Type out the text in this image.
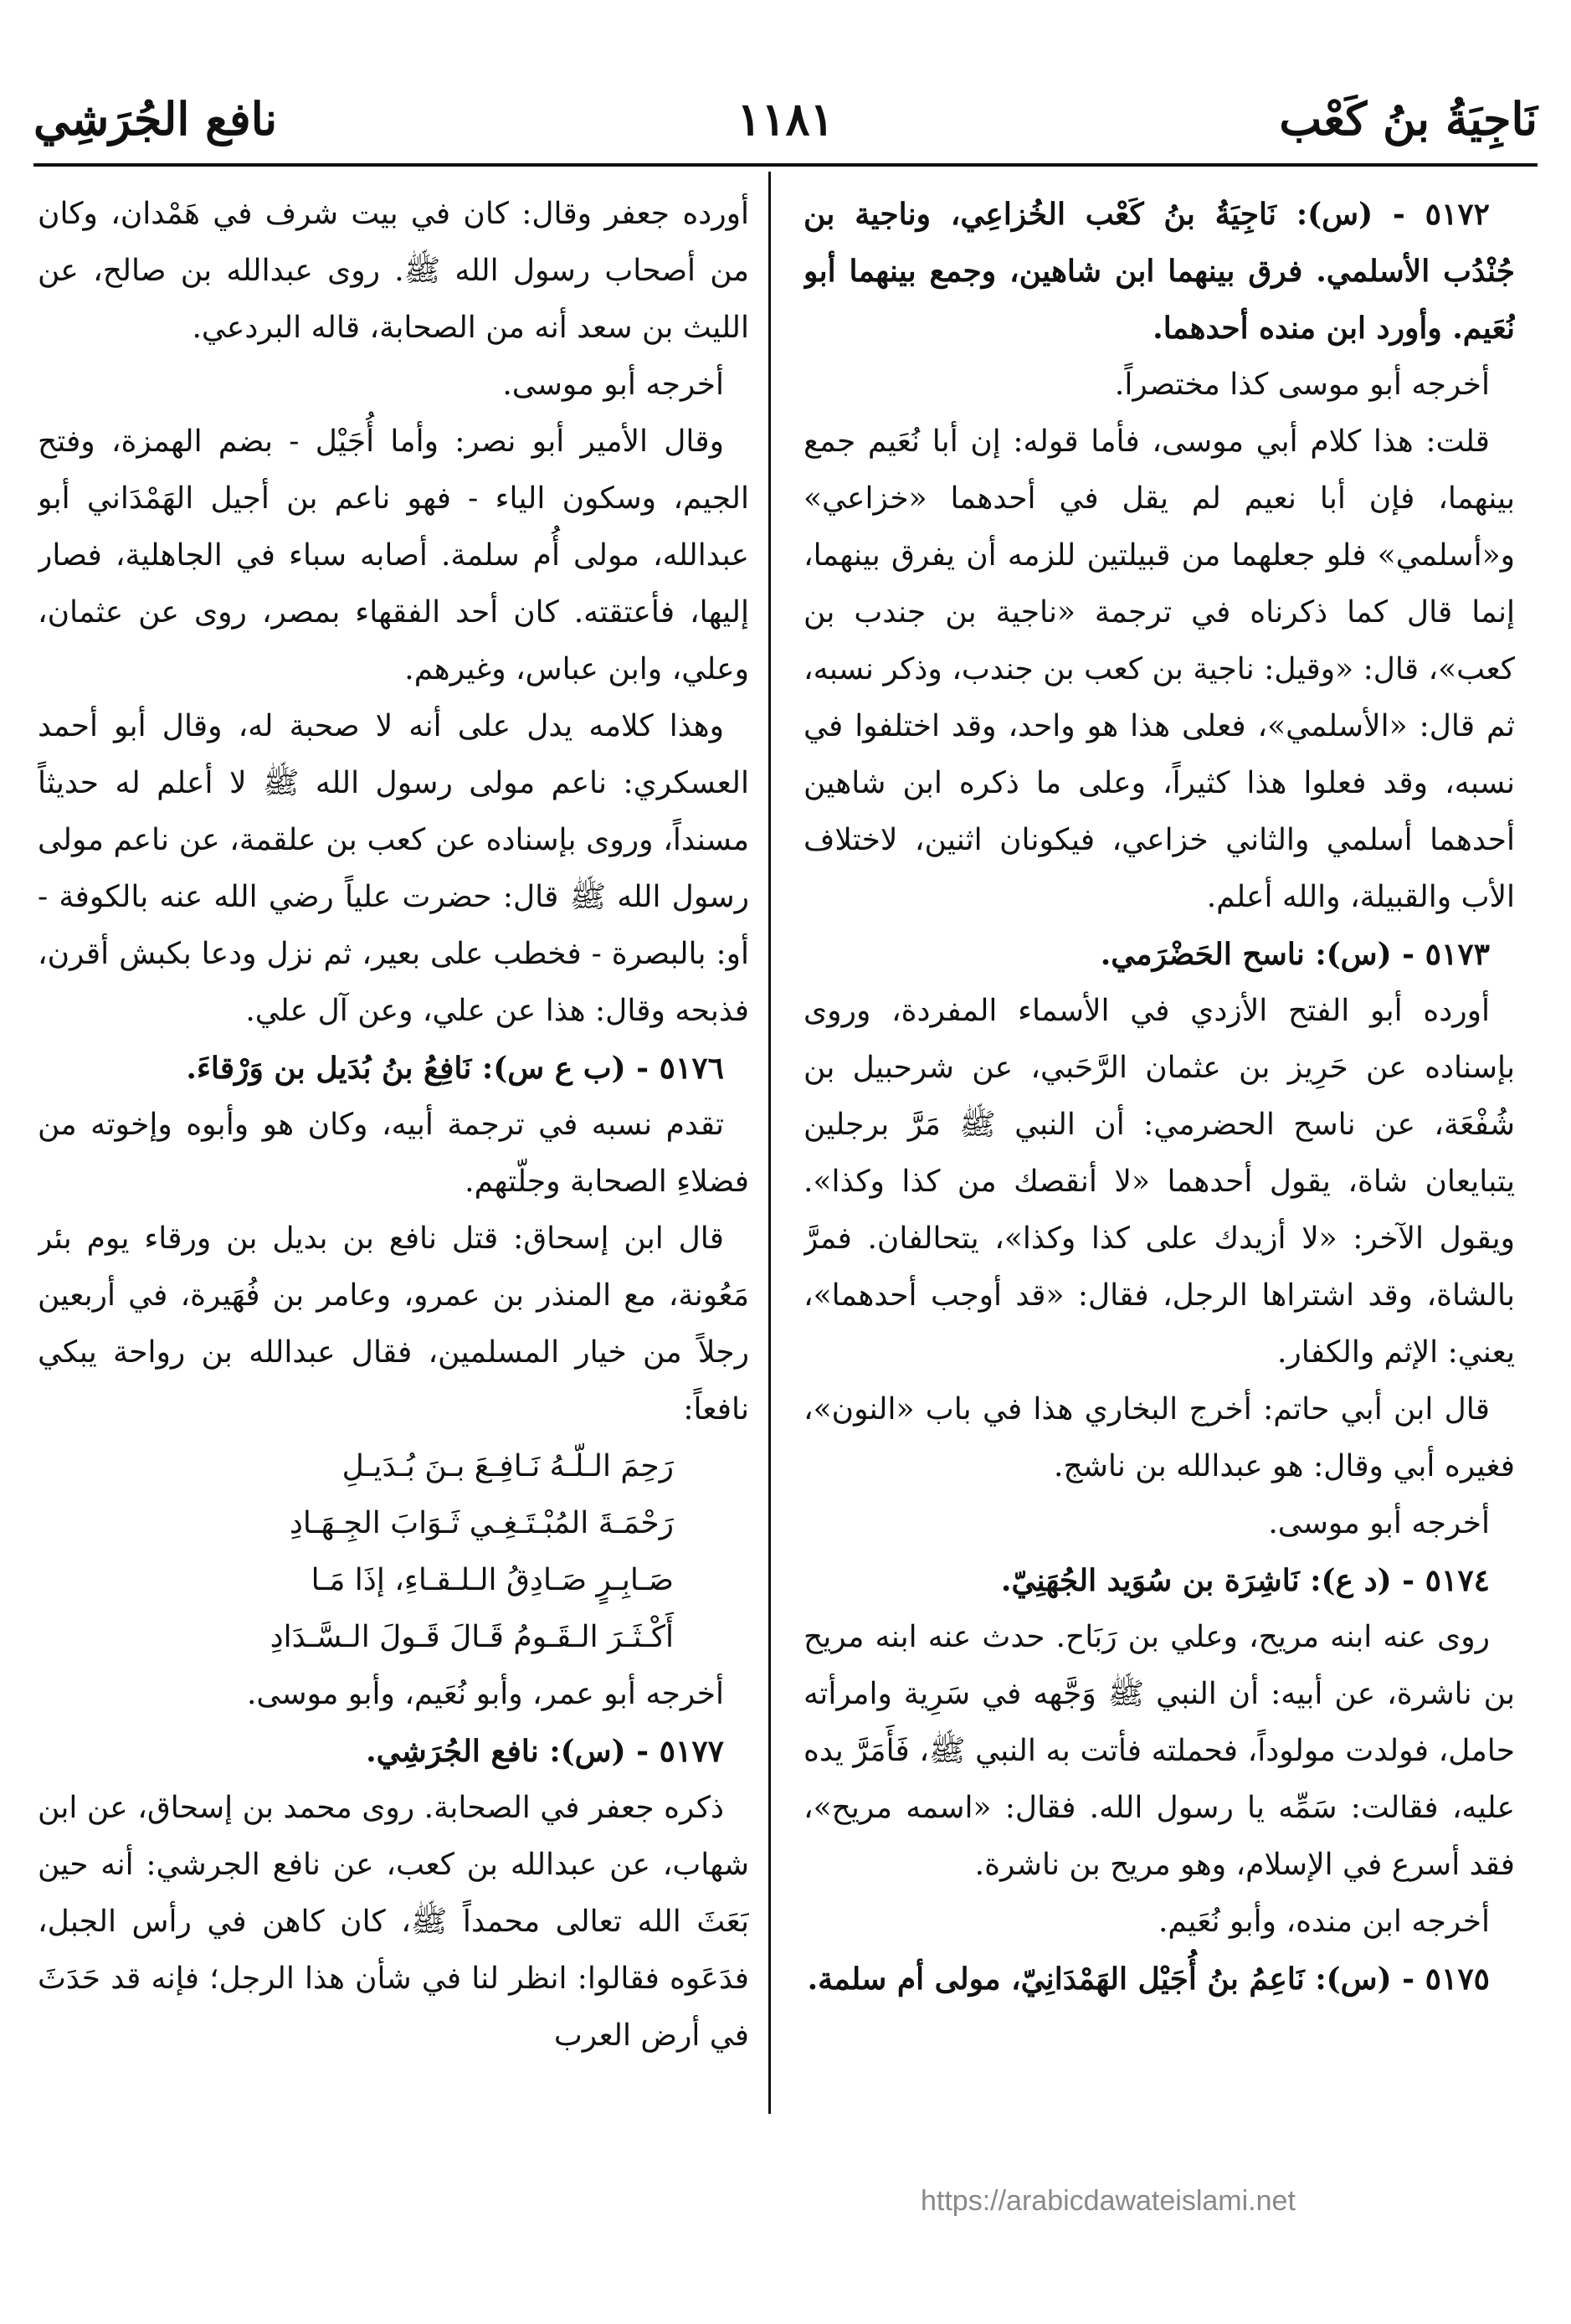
نَاجِيَةُ بنُ كَعْب
١١٨١
نافع الجُرَشِي

٥١٧٢ - (س): نَاجِيَةُ بنُ كَعْب الخُزاعِي، وناجية بن جُنْدُب الأسلمي. فرق بينهما ابن شاهين، وجمع بينهما أبو نُعَيم. وأورد ابن منده أحدهما.

أخرجه أبو موسى كذا مختصراً.

قلت: هذا كلام أبي موسى، فأما قوله: إن أبا نُعَيم جمع بينهما، فإن أبا نعيم لم يقل في أحدهما «خزاعي» و«أسلمي» فلو جعلهما من قبيلتين للزمه أن يفرق بينهما، إنما قال كما ذكرناه في ترجمة «ناجية بن جندب بن كعب»، قال: «وقيل: ناجية بن كعب بن جندب، وذكر نسبه، ثم قال: «الأسلمي»، فعلى هذا هو واحد، وقد اختلفوا في نسبه، وقد فعلوا هذا كثيراً، وعلى ما ذكره ابن شاهين أحدهما أسلمي والثاني خزاعي، فيكونان اثنين، لاختلاف الأب والقبيلة، والله أعلم.

٥١٧٣ - (س): ناسح الحَضْرَمي.

أورده أبو الفتح الأزدي في الأسماء المفردة، وروى بإسناده عن حَرِيز بن عثمان الرَّحَبي، عن شرحبيل بن شُفْعَة، عن ناسح الحضرمي: أن النبي ﷺ مَرَّ برجلين يتبايعان شاة، يقول أحدهما «لا أنقصك من كذا وكذا». ويقول الآخر: «لا أزيدك على كذا وكذا»، يتحالفان. فمرَّ بالشاة، وقد اشتراها الرجل، فقال: «قد أوجب أحدهما»، يعني: الإثم والكفار.

قال ابن أبي حاتم: أخرج البخاري هذا في باب «النون»، فغيره أبي وقال: هو عبدالله بن ناشج.

أخرجه أبو موسى.

٥١٧٤ - (د ع): نَاشِرَة بن سُوَيد الجُهَنِيّ.

روى عنه ابنه مريح، وعلي بن رَبَاح. حدث عنه ابنه مريح بن ناشرة، عن أبيه: أن النبي ﷺ وَجَّهه في سَرِية وامرأته حامل، فولدت مولوداً، فحملته فأتت به النبي ﷺ، فَأَمَرَّ يده عليه، فقالت: سَمِّه يا رسول الله. فقال: «اسمه مريح»، فقد أسرع في الإسلام، وهو مريح بن ناشرة.

أخرجه ابن منده، وأبو نُعَيم.

٥١٧٥ - (س): نَاعِمُ بنُ أُجَيْل الهَمْدَانِيّ، مولى أم سلمة.

أورده جعفر وقال: كان في بيت شرف في هَمْدان، وكان من أصحاب رسول الله ﷺ. روى عبدالله بن صالح، عن الليث بن سعد أنه من الصحابة، قاله البردعي.

أخرجه أبو موسى.

وقال الأمير أبو نصر: وأما أُجَيْل - بضم الهمزة، وفتح الجيم، وسكون الياء - فهو ناعم بن أجيل الهَمْدَاني أبو عبدالله، مولى أُم سلمة. أصابه سباء في الجاهلية، فصار إليها، فأعتقته. كان أحد الفقهاء بمصر، روى عن عثمان، وعلي، وابن عباس، وغيرهم.

وهذا كلامه يدل على أنه لا صحبة له، وقال أبو أحمد العسكري: ناعم مولى رسول الله ﷺ لا أعلم له حديثاً مسنداً، وروى بإسناده عن كعب بن علقمة، عن ناعم مولى رسول الله ﷺ قال: حضرت علياً رضي الله عنه بالكوفة - أو: بالبصرة - فخطب على بعير، ثم نزل ودعا بكبش أقرن، فذبحه وقال: هذا عن علي، وعن آل علي.

٥١٧٦ - (ب ع س): نَافِعُ بنُ بُدَيل بن وَرْقاءَ.

تقدم نسبه في ترجمة أبيه، وكان هو وأبوه وإخوته من فضلاءِ الصحابة وجلّتهم.

قال ابن إسحاق: قتل نافع بن بديل بن ورقاء يوم بئر مَعُونة، مع المنذر بن عمرو، وعامر بن فُهَيرة، في أربعين رجلاً من خيار المسلمين، فقال عبدالله بن رواحة يبكي نافعاً:

رَحِمَ الـلّـهُ نَـافِـعَ بـنَ بُـدَيـلِ

رَحْمَـةَ المُبْـتَـغِـي ثَـوَابَ الجِـهَـادِ

صَـابِـرٍ صَـادِقُ الـلـقـاءِ، إذَا مَـا

أَكْـثَـرَ الـقَـومُ قَـالَ قَـولَ الـسَّـدَادِ

أخرجه أبو عمر، وأبو نُعَيم، وأبو موسى.

٥١٧٧ - (س): نافع الجُرَشِي.

ذكره جعفر في الصحابة. روى محمد بن إسحاق، عن ابن شهاب، عن عبدالله بن كعب، عن نافع الجرشي: أنه حين بَعَثَ الله تعالى محمداً ﷺ، كان كاهن في رأس الجبل، فدَعَوه فقالوا: انظر لنا في شأن هذا الرجل؛ فإنه قد حَدَثَ في أرض العرب

https://arabicdawateislami.net
